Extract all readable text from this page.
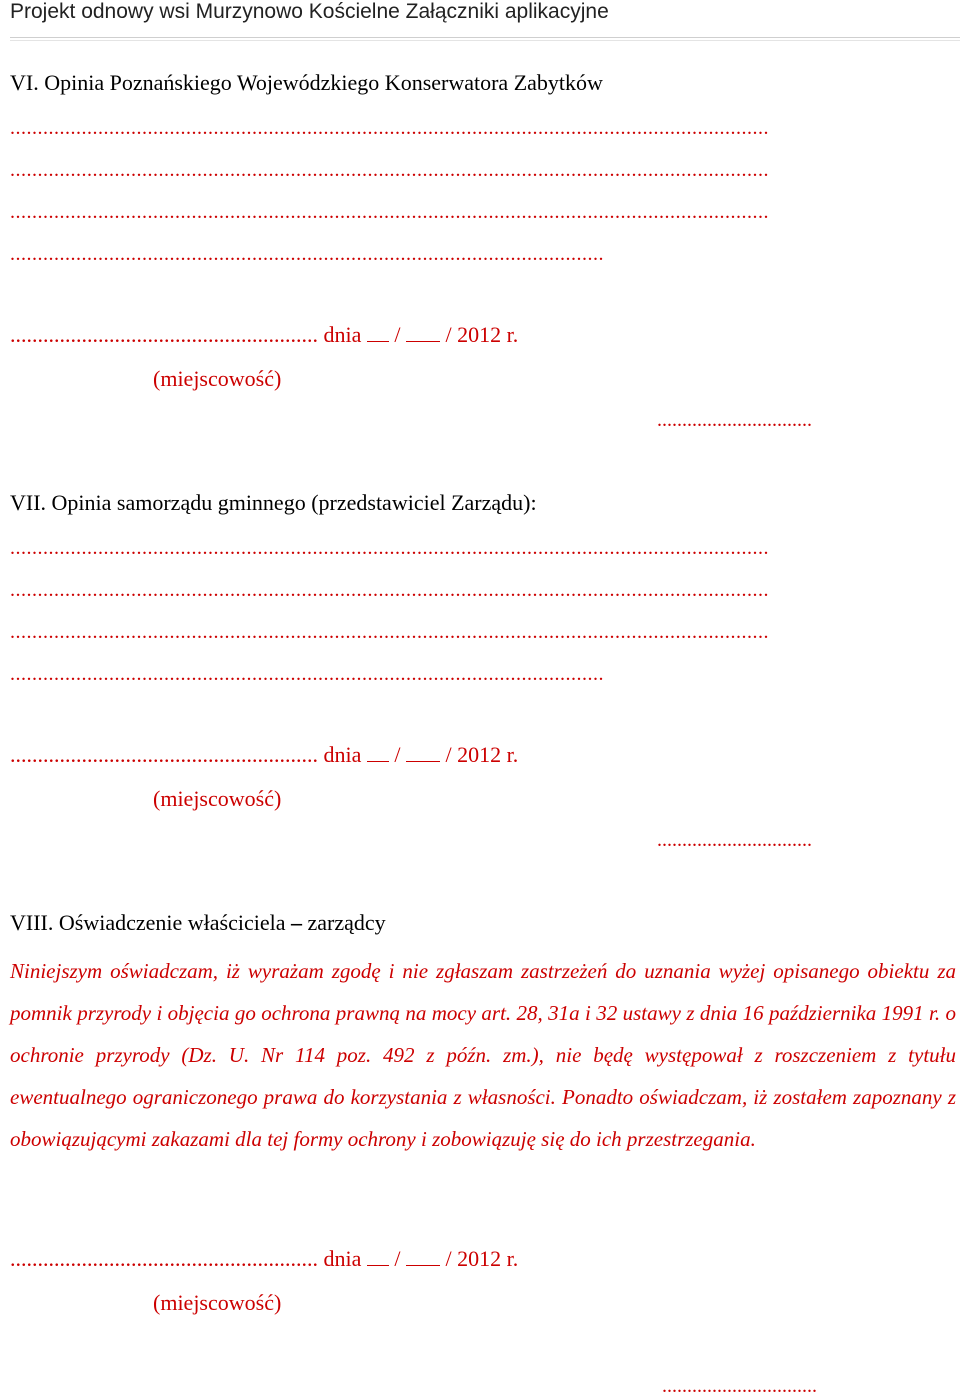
Projekt odnowy wsi Murzynowo Kościelne Załączniki aplikacyjne
VI. Opinia Poznańskiego Wojewódzkiego Konserwatora Zabytków
..........................................................................................................................................
..........................................................................................................................................
..........................................................................................................................................
............................................................................................................
........................................................ dnia / / 2012 r.
(miejscowość)
...............................
VII. Opinia samorządu gminnego (przedstawiciel Zarządu):
..........................................................................................................................................
..........................................................................................................................................
..........................................................................................................................................
............................................................................................................
........................................................ dnia / / 2012 r.
(miejscowość)
...............................
VIII. Oświadczenie właściciela – zarządcy
Niniejszym oświadczam, iż wyrażam zgodę i nie zgłaszam zastrzeżeń do uznania wyżej opisanego obiektu za pomnik przyrody i objęcia go ochrona prawną na mocy art. 28, 31a i 32 ustawy z dnia 16 października 1991 r. o ochronie przyrody (Dz. U. Nr 114 poz. 492 z późn. zm.), nie będę występował z roszczeniem z tytułu ewentualnego ograniczonego prawa do korzystania z własności. Ponadto oświadczam, iż zostałem zapoznany z obowiązującymi zakazami dla tej formy ochrony i zobowiązuję się do ich przestrzegania.
........................................................ dnia / / 2012 r.
(miejscowość)
...............................
